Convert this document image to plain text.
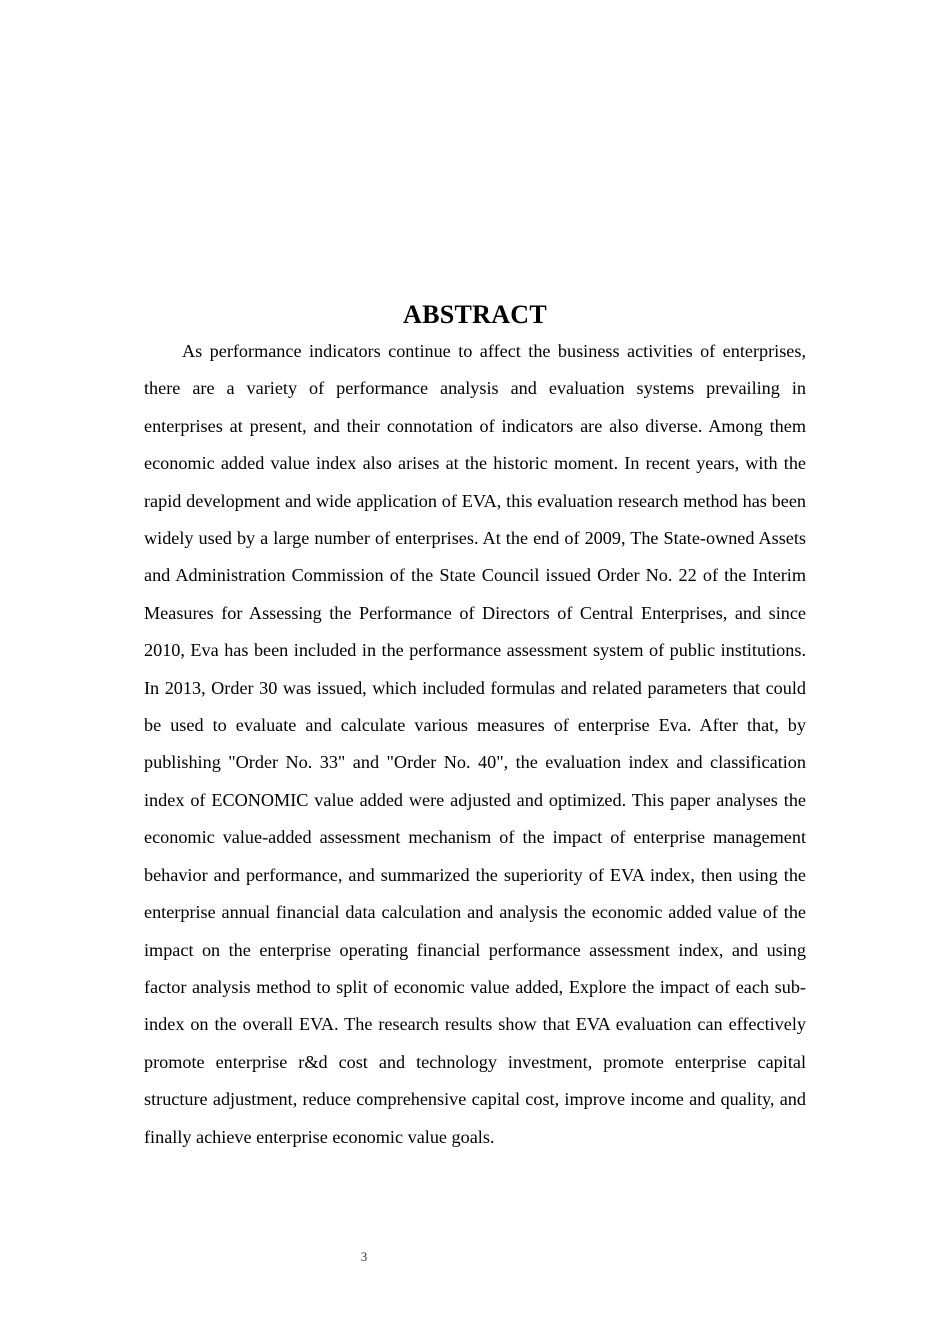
ABSTRACT

As performance indicators continue to affect the business activities of enterprises, there are a variety of performance analysis and evaluation systems prevailing in enterprises at present, and their connotation of indicators are also diverse. Among them economic added value index also arises at the historic moment. In recent years, with the rapid development and wide application of EVA, this evaluation research method has been widely used by a large number of enterprises. At the end of 2009, The State-owned Assets and Administration Commission of the State Council issued Order No. 22 of the Interim Measures for Assessing the Performance of Directors of Central Enterprises, and since 2010, Eva has been included in the performance assessment system of public institutions. In 2013, Order 30 was issued, which included formulas and related parameters that could be used to evaluate and calculate various measures of enterprise Eva. After that, by publishing "Order No. 33" and "Order No. 40", the evaluation index and classification index of ECONOMIC value added were adjusted and optimized. This paper analyses the economic value-added assessment mechanism of the impact of enterprise management behavior and performance, and summarized the superiority of EVA index, then using the enterprise annual financial data calculation and analysis the economic added value of the impact on the enterprise operating financial performance assessment index, and using factor analysis method to split of economic value added, Explore the impact of each sub-index on the overall EVA. The research results show that EVA evaluation can effectively promote enterprise r&d cost and technology investment, promote enterprise capital structure adjustment, reduce comprehensive capital cost, improve income and quality, and finally achieve enterprise economic value goals.

3
